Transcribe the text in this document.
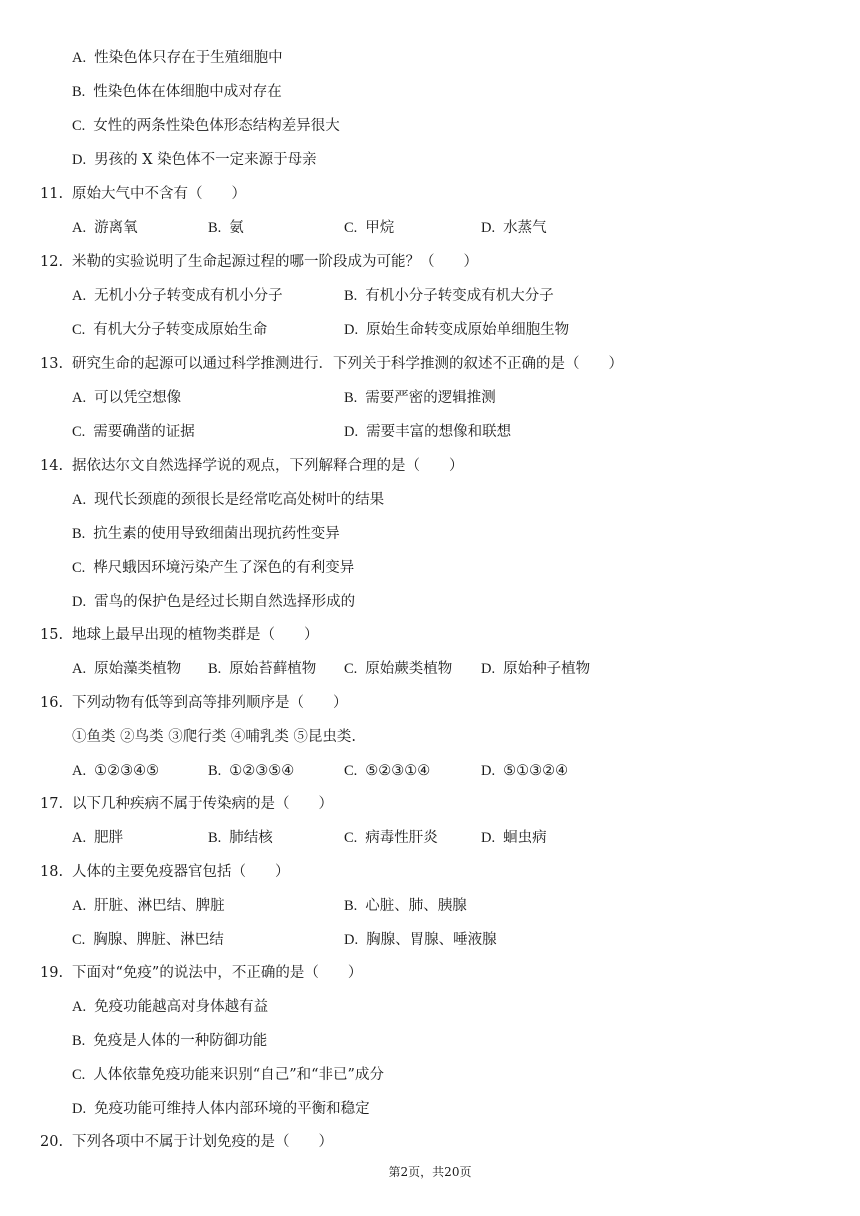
A. 性染色体只存在于生殖细胞中
B. 性染色体在体细胞中成对存在
C. 女性的两条性染色体形态结构差异很大
D. 男孩的 X 染色体不一定来源于母亲
11. 原始大气中不含有（　　）
A. 游离氧	B. 氨	C. 甲烷	D. 水蒸气
12. 米勒的实验说明了生命起源过程的哪一阶段成为可能？（　　）
A. 无机小分子转变成有机小分子	B. 有机小分子转变成有机大分子
C. 有机大分子转变成原始生命	D. 原始生命转变成原始单细胞生物
13. 研究生命的起源可以通过科学推测进行．下列关于科学推测的叙述不正确的是（　　）
A. 可以凭空想像	B. 需要严密的逻辑推测
C. 需要确凿的证据	D. 需要丰富的想像和联想
14. 据依达尔文自然选择学说的观点，下列解释合理的是（　　）
A. 现代长颈鹿的颈很长是经常吃高处树叶的结果
B. 抗生素的使用导致细菌出现抗药性变异
C. 桦尺蛾因环境污染产生了深色的有利变异
D. 雷鸟的保护色是经过长期自然选择形成的
15. 地球上最早出现的植物类群是（　　）
A. 原始藻类植物 B. 原始苔藓植物 C. 原始蕨类植物 D. 原始种子植物
16. 下列动物有低等到高等排列顺序是（　　）
①鱼类 ②鸟类 ③爬行类 ④哺乳类 ⑤昆虫类.
A. ①②③④⑤	B. ①②③⑤④	C. ⑤②③①④	D. ⑤①③②④
17. 以下几种疾病不属于传染病的是（　　）
A. 肥胖	B. 肺结核	C. 病毒性肝炎	D. 蛔虫病
18. 人体的主要免疫器官包括（　　）
A. 肝脏、淋巴结、脾脏	B. 心脏、肺、胰腺
C. 胸腺、脾脏、淋巴结	D. 胸腺、胃腺、唾液腺
19. 下面对“免疫”的说法中，不正确的是（　　）
A. 免疫功能越高对身体越有益
B. 免疫是人体的一种防御功能
C. 人体依靠免疫功能来识别“自己”和“非已”成分
D. 免疫功能可维持人体内部环境的平衡和稳定
20. 下列各项中不属于计划免疫的是（　　）
第2页，共20页
